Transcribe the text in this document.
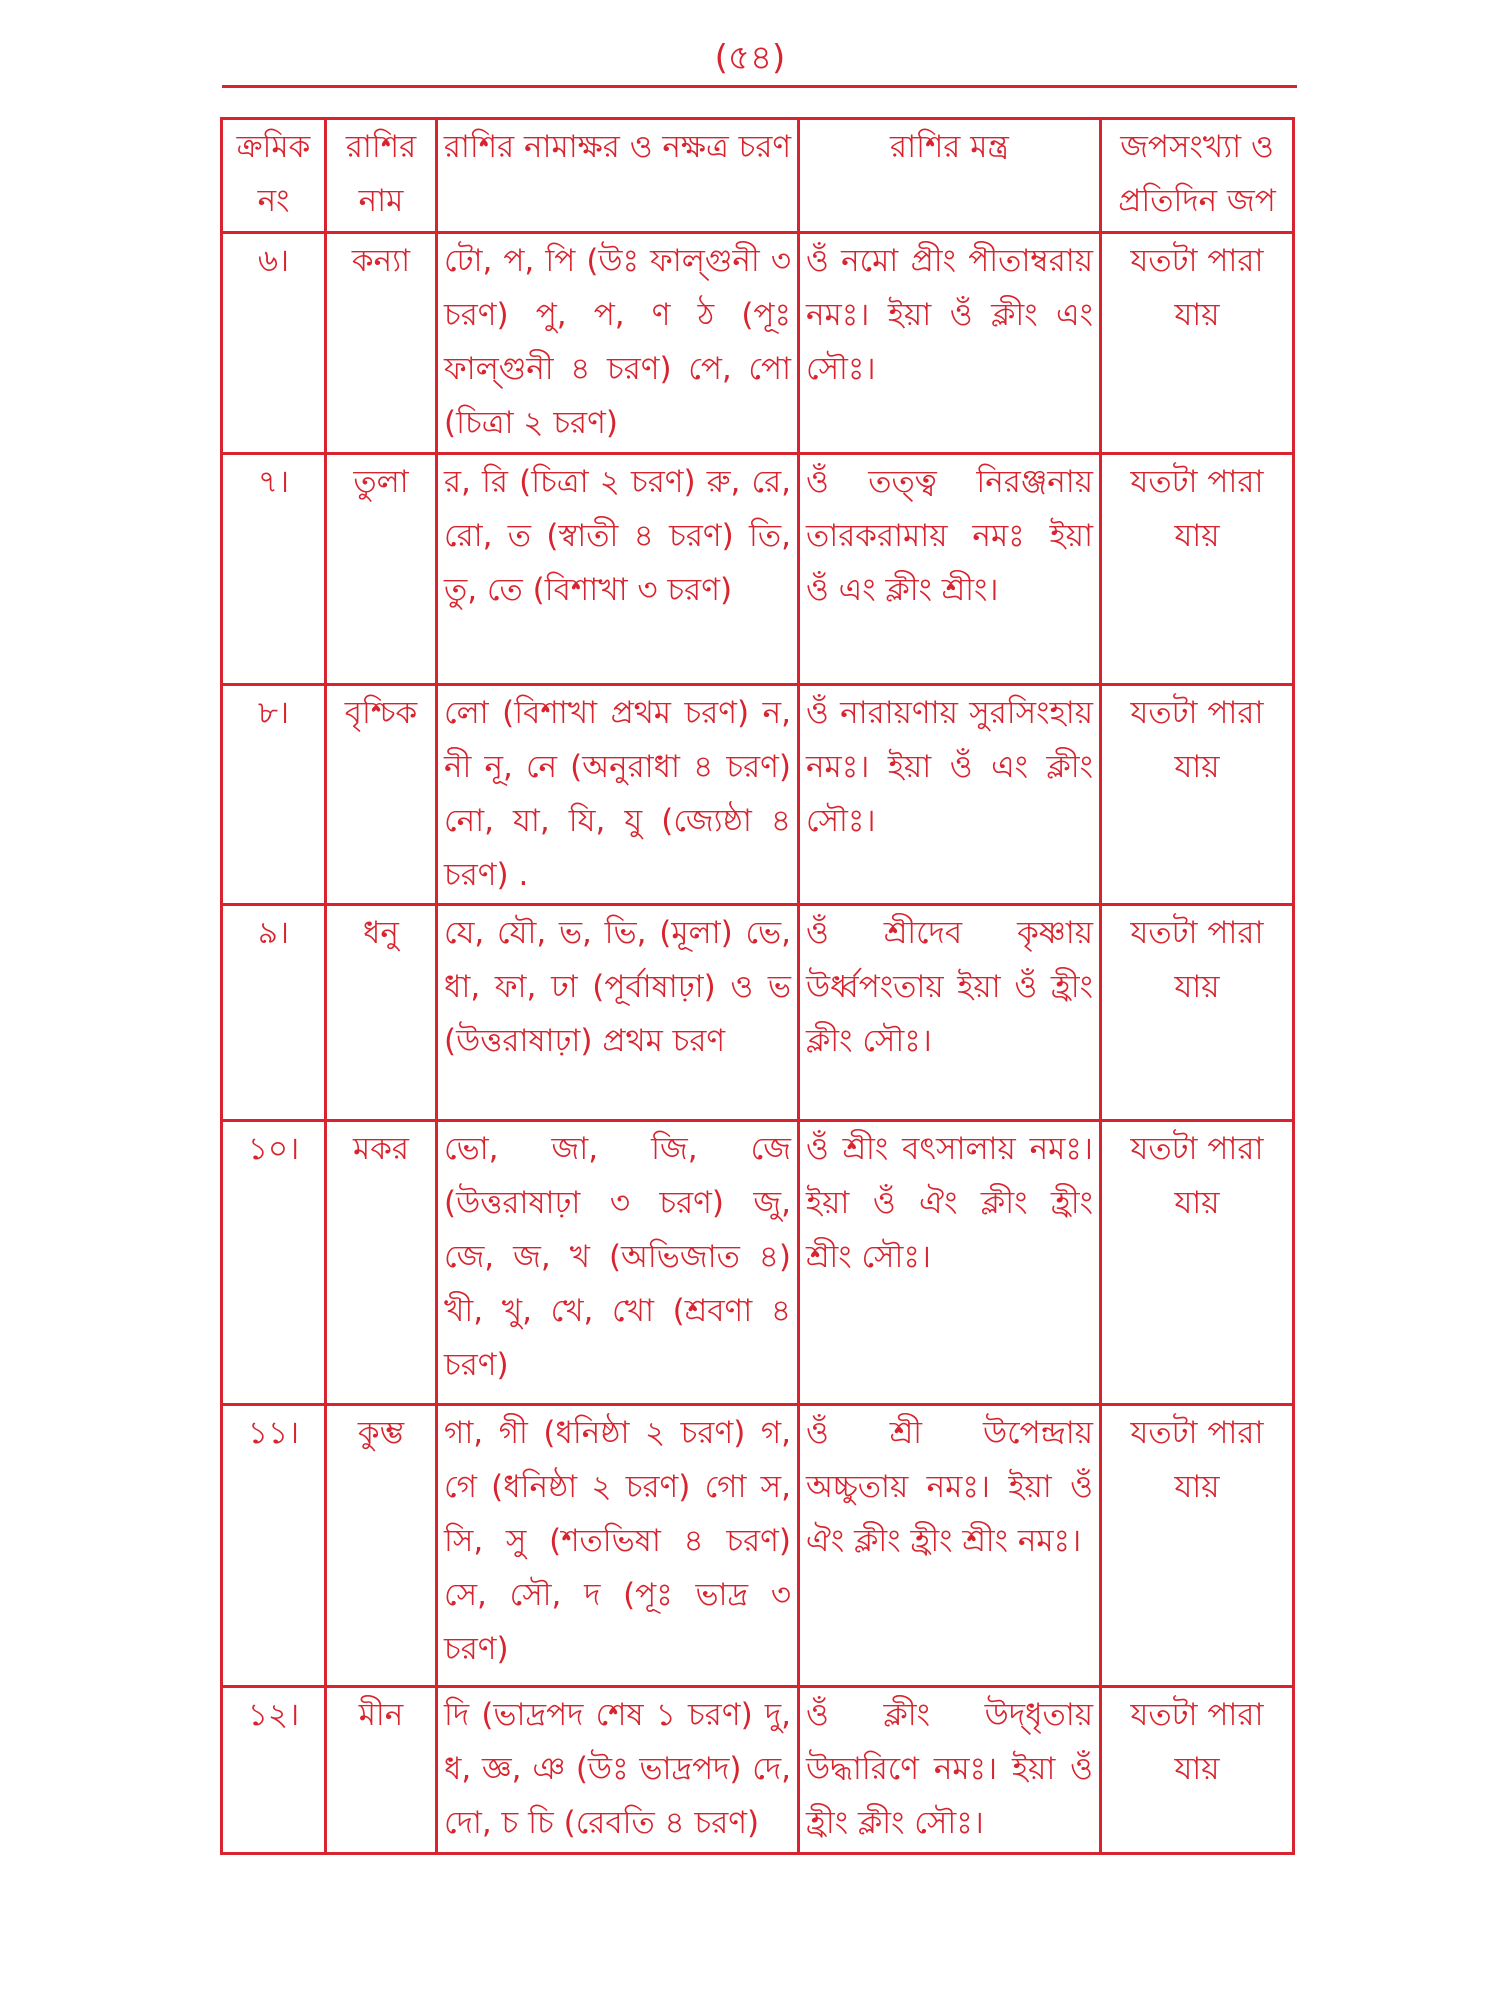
(৫৪)
ক্রমিক নং	রাশির নাম	রাশির নামাক্ষর ও নক্ষত্র চরণ	রাশির মন্ত্র	জপসংখ্যা ও প্রতিদিন জপ
৬।	কন্যা	টো, প, পি (উঃ ফাল্গুনী ৩ চরণ) পু, প, ণ ঠ (পূঃ ফাল্গুনী ৪ চরণ) পে, পো (চিত্রা ২ চরণ)	ওঁ নমো প্রীং পীতাম্বরায় নমঃ। ইয়া ওঁ ক্লীং এং সৌঃ।	যতটা পারা যায়
৭।	তুলা	র, রি (চিত্রা ২ চরণ) রু, রে, রো, ত (স্বাতী ৪ চরণ) তি, তু, তে (বিশাখা ৩ চরণ)	ওঁ তত্ত্ব নিরঞ্জনায় তারকরামায় নমঃ ইয়া ওঁ এং ক্লীং শ্রীং।	যতটা পারা যায়
৮।	বৃশ্চিক	লো (বিশাখা প্রথম চরণ) ন, নী নূ, নে (অনুরাধা ৪ চরণ) নো, যা, যি, যু (জ্যেষ্ঠা ৪ চরণ) .	ওঁ নারায়ণায় সুরসিংহায় নমঃ। ইয়া ওঁ এং ক্লীং সৌঃ।	যতটা পারা যায়
৯।	ধনু	যে, যৌ, ভ, ভি, (মূলা) ভে, ধা, ফা, ঢা (পূর্বাষাঢ়া) ও ভ (উত্তরাষাঢ়া) প্রথম চরণ	ওঁ শ্রীদেব কৃষ্ণায় উর্ধ্বপংতায় ইয়া ওঁ হ্রীং ক্লীং সৌঃ।	যতটা পারা যায়
১০।	মকর	ভো, জা, জি, জে (উত্তরাষাঢ়া ৩ চরণ) জু, জে, জ, খ (অভিজাত ৪) খী, খু, খে, খো (শ্রবণা ৪ চরণ)	ওঁ শ্রীং বৎসালায় নমঃ। ইয়া ওঁ ঐং ক্লীং হ্রীং শ্রীং সৌঃ।	যতটা পারা যায়
১১।	কুম্ভ	গা, গী (ধনিষ্ঠা ২ চরণ) গ, গে (ধনিষ্ঠা ২ চরণ) গো স, সি, সু (শতভিষা ৪ চরণ) সে, সৌ, দ (পূঃ ভাদ্র ৩ চরণ)	ওঁ শ্রী উপেন্দ্রায় অচ্চুতায় নমঃ। ইয়া ওঁ ঐং ক্লীং হ্রীং শ্রীং নমঃ।	যতটা পারা যায়
১২।	মীন	দি (ভাদ্রপদ শেষ ১ চরণ) দু, ধ, জ্ঞ, ঞ (উঃ ভাদ্রপদ) দে, দো, চ চি (রেবতি ৪ চরণ)	ওঁ ক্লীং উদ্‌ধৃতায় উদ্ধারিণে নমঃ। ইয়া ওঁ হ্রীং ক্লীং সৌঃ।	যতটা পারা যায়
